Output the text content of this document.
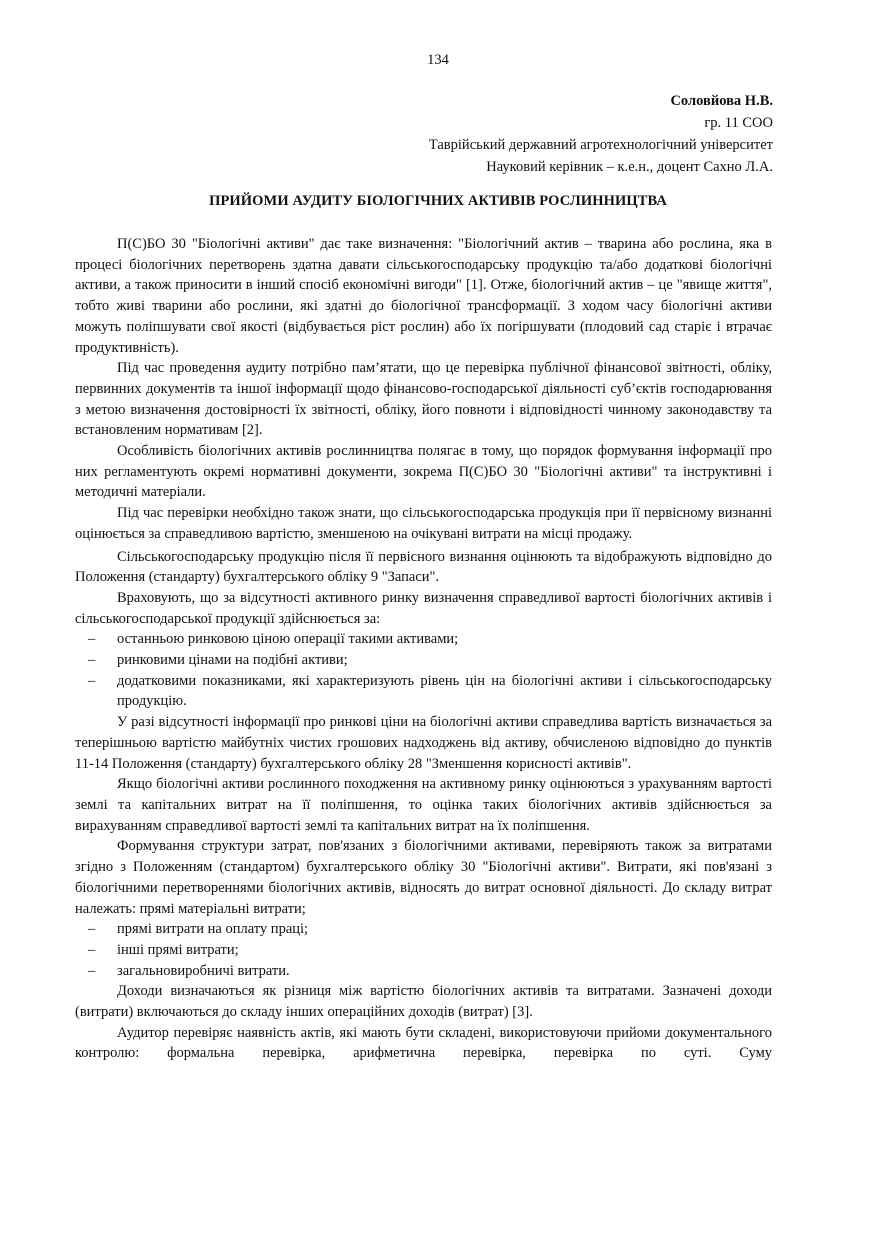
134
Соловйова Н.В.
гр. 11 СОО
Таврійський державний агротехнологічний університет
Науковий керівник – к.е.н., доцент Сахно Л.А.
ПРИЙОМИ АУДИТУ БІОЛОГІЧНИХ АКТИВІВ РОСЛИННИЦТВА

П(С)БО 30 "Біологічні активи" дає таке визначення: "Біологічний актив – тварина або рослина, яка в процесі біологічних перетворень здатна давати сільськогосподарську продукцію та/або додаткові біологічні активи, а також приносити в інший спосіб економічні вигоди" [1]. Отже, біологічний актив – це "явище життя", тобто живі тварини або рослини, які здатні до біологічної трансформації. З ходом часу біологічні активи можуть поліпшувати свої якості (відбувається ріст рослин) або їх погіршувати (плодовий сад старіє і втрачає продуктивність).

Під час проведення аудиту потрібно пам’ятати, що це перевірка публічної фінансової звітності, обліку, первинних документів та іншої інформації щодо фінансово-господарської діяльності суб’єктів господарювання з метою визначення достовірності їх звітності, обліку, його повноти і відповідності чинному законодавству та встановленим нормативам [2].

Особливість біологічних активів рослинництва полягає в тому, що порядок формування інформації про них регламентують окремі нормативні документи, зокрема П(С)БО 30 "Біологічні активи" та інструктивні і методичні матеріали.

Під час перевірки необхідно також знати, що сільськогосподарська продукція при її первісному визнанні оцінюється за справедливою вартістю, зменшеною на очікувані витрати на місці продажу.

Сільськогосподарську продукцію після її первісного визнання оцінюють та відображують відповідно до Положення (стандарту) бухгалтерського обліку 9 "Запаси".

Враховують, що за відсутності активного ринку визначення справедливої вартості біологічних активів і сільськогосподарської продукції здійснюється за:

– останньою ринковою ціною операції такими активами;

– ринковими цінами на подібні активи;

– додатковими показниками, які характеризують рівень цін на біологічні активи і сільськогосподарську продукцію.

У разі відсутності інформації про ринкові ціни на біологічні активи справедлива вартість визначається за теперішньою вартістю майбутніх чистих грошових надходжень від активу, обчисленою відповідно до пунктів 11-14 Положення (стандарту) бухгалтерського обліку 28 "Зменшення корисності активів".

Якщо біологічні активи рослинного походження на активному ринку оцінюються з урахуванням вартості землі та капітальних витрат на її поліпшення, то оцінка таких біологічних активів здійснюється за вирахуванням справедливої вартості землі та капітальних витрат на їх поліпшення.

Формування структури затрат, пов'язаних з біологічними активами, перевіряють також за витратами згідно з Положенням (стандартом) бухгалтерського обліку 30 "Біологічні активи". Витрати, які пов'язані з біологічними перетвореннями біологічних активів, відносять до витрат основної діяльності. До складу витрат належать: прямі матеріальні витрати;

– прямі витрати на оплату праці;

– інші прямі витрати;

– загальновиробничі витрати.

Доходи визначаються як різниця між вартістю біологічних активів та витратами. Зазначені доходи (витрати) включаються до складу інших операційних доходів (витрат) [3].

Аудитор перевіряє наявність актів, які мають бути складені, використовуючи прийоми документального контролю: формальна перевірка, арифметична перевірка, перевірка по суті. Суму
